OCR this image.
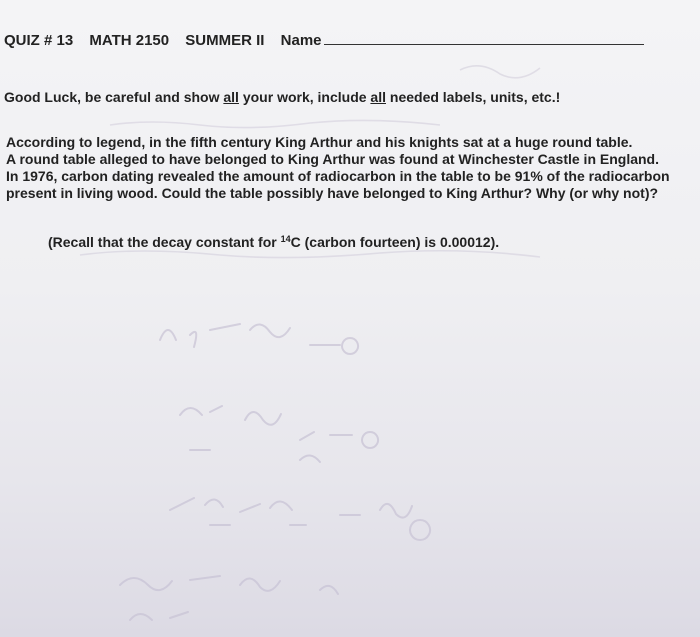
QUIZ # 13 MATH 2150 SUMMER II Name
Good Luck, be careful and show all your work, include all needed labels, units, etc.!

According to legend, in the fifth century King Arthur and his knights sat at a huge round table.

A round table alleged to have belonged to King Arthur was found at Winchester Castle in England.

In 1976, carbon dating revealed the amount of radiocarbon in the table to be 91% of the radiocarbon

present in living wood. Could the table possibly have belonged to King Arthur? Why (or why not)?

(Recall that the decay constant for $^{14}$C (carbon fourteen) is 0.00012).
